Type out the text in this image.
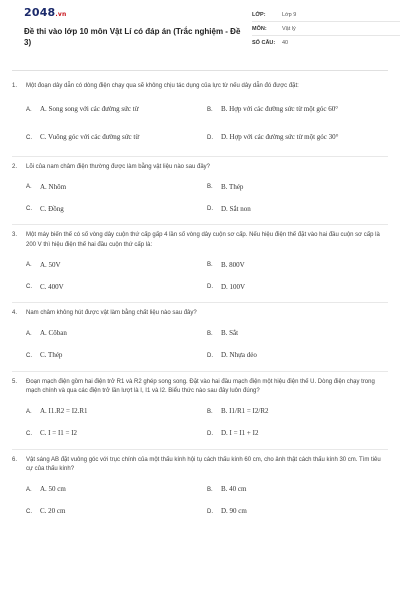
2048.vn
Đề thi vào lớp 10 môn Vật Lí có đáp án (Trắc nghiệm - Đề 3)
LỚP:	Lớp 9
MÔN:	Vật lý
SỐ CÂU:	40
1.	Một đoạn dây dẫn có dòng điện chạy qua sẽ không chịu tác dụng của lực từ nếu dây dẫn đó được đặt:
A.	A. Song song với các đường sức từ	B.	B. Hợp với các đường sức từ một góc 60°
C.	C. Vuông góc với các đường sức từ	D.	D. Hợp với các đường sức từ một góc 30°
2.	Lõi của nam châm điện thường được làm bằng vật liệu nào sau đây?
A.	A. Nhôm	B.	B. Thép
C.	C. Đồng	D.	D. Sắt non
3.	Một máy biến thế có số vòng dây cuộn thứ cấp gấp 4 lần số vòng dây cuộn sơ cấp. Nếu hiệu điện thế đặt vào hai đầu cuộn sơ cấp là 200 V thì hiệu điện thế hai đầu cuộn thứ cấp là:
A.	A. 50V	B.	B. 800V
C.	C. 400V	D.	D. 100V
4.	Nam châm không hút được vật làm bằng chất liệu nào sau đây?
A.	A. Côban	B.	B. Sắt
C.	C. Thép	D.	D. Nhựa dẻo
5.	Đoạn mạch điện gồm hai điện trở R1 và R2 ghép song song. Đặt vào hai đầu mạch điện một hiệu điện thế U. Dòng điện chạy trong mạch chính và qua các điện trở lần lượt là I, I1 và I2. Biểu thức nào sau đây luôn đúng?
A.	A. I1.R2 = I2.R1	B.	B. I1/R1 = I2/R2
C.	C. I = I1 = I2	D.	D. I = I1 + I2
6.	Vật sáng AB đặt vuông góc với trục chính của một thấu kính hội tụ cách thấu kính 60 cm, cho ảnh thật cách thấu kính 30 cm. Tìm tiêu cự của thấu kính?
A.	A. 50 cm	B.	B. 40 cm
C.	C. 20 cm	D.	D. 90 cm
